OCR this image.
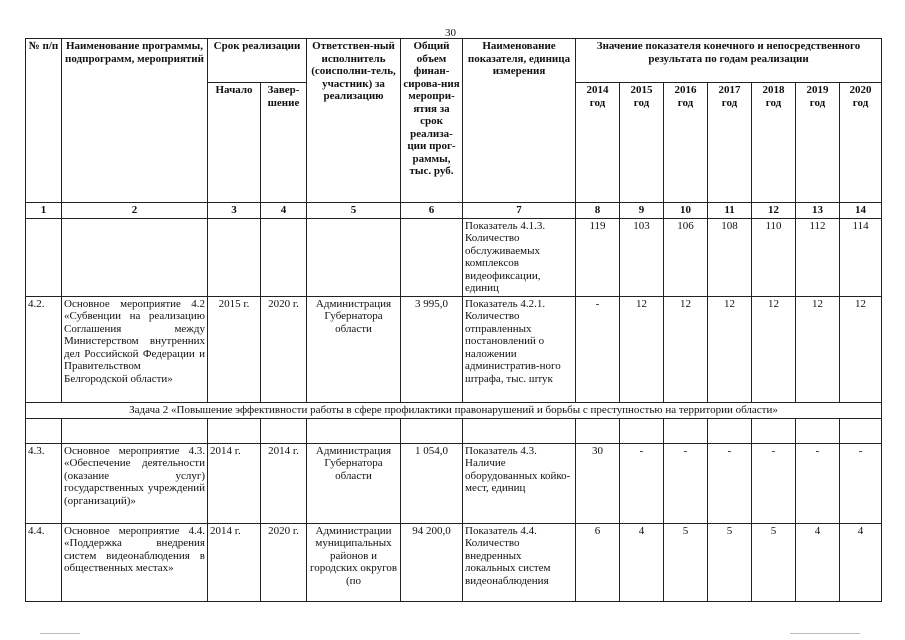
30
№ п/п	Наименование программы, подпрограмм, мероприятий	Срок реализации		Ответствен-ный исполнитель (соисполни-тель, участник) за реализацию	Общий объем финан-сирова-ния меропри-ятия за срок реализа-ции прог-раммы, тыс. руб.	Наименование показателя, единица измерения	Значение показателя конечного и непосредственного результата по годам реализации						
		Начало	Завер-шение				2014 год	2015 год	2016 год	2017 год	2018 год	2019 год	2020 год
1	2	3	4	5	6	7	8	9	10	11	12	13	14
						Показатель 4.1.3. Количество обслуживаемых комплексов видеофиксации, единиц	119	103	106	108	110	112	114
4.2.	Основное мероприятие 4.2 «Субвенции на реализацию Соглашения между Министерством внутренних дел Российской Федерации и Правительством Белгородской области»	2015 г.	2020 г.	Администрация Губернатора области	3 995,0	Показатель 4.2.1. Количество отправленных постановлений о наложении административ-ного штрафа, тыс. штук	-	12	12	12	12	12	12
Задача 2 «Повышение эффективности работы в сфере профилактики правонарушений и борьбы с преступностью на территории области»													

4.3.	Основное мероприятие 4.3. «Обеспечение деятельности (оказание услуг) государственных учреждений (организаций)»	2014 г.	2014 г.	Администрация Губернатора области	1 054,0	Показатель 4.3. Наличие оборудованных койко-мест, единиц	30	-	-	-	-	-	-
4.4.	Основное мероприятие 4.4. «Поддержка внедрения систем видеонаблюдения в общественных местах»	2014 г.	2020 г.	Администрации муниципальных районов и городских округов (по	94 200,0	Показатель 4.4. Количество внедренных локальных систем видеонаблюдения	6	4	5	5	5	4	4
